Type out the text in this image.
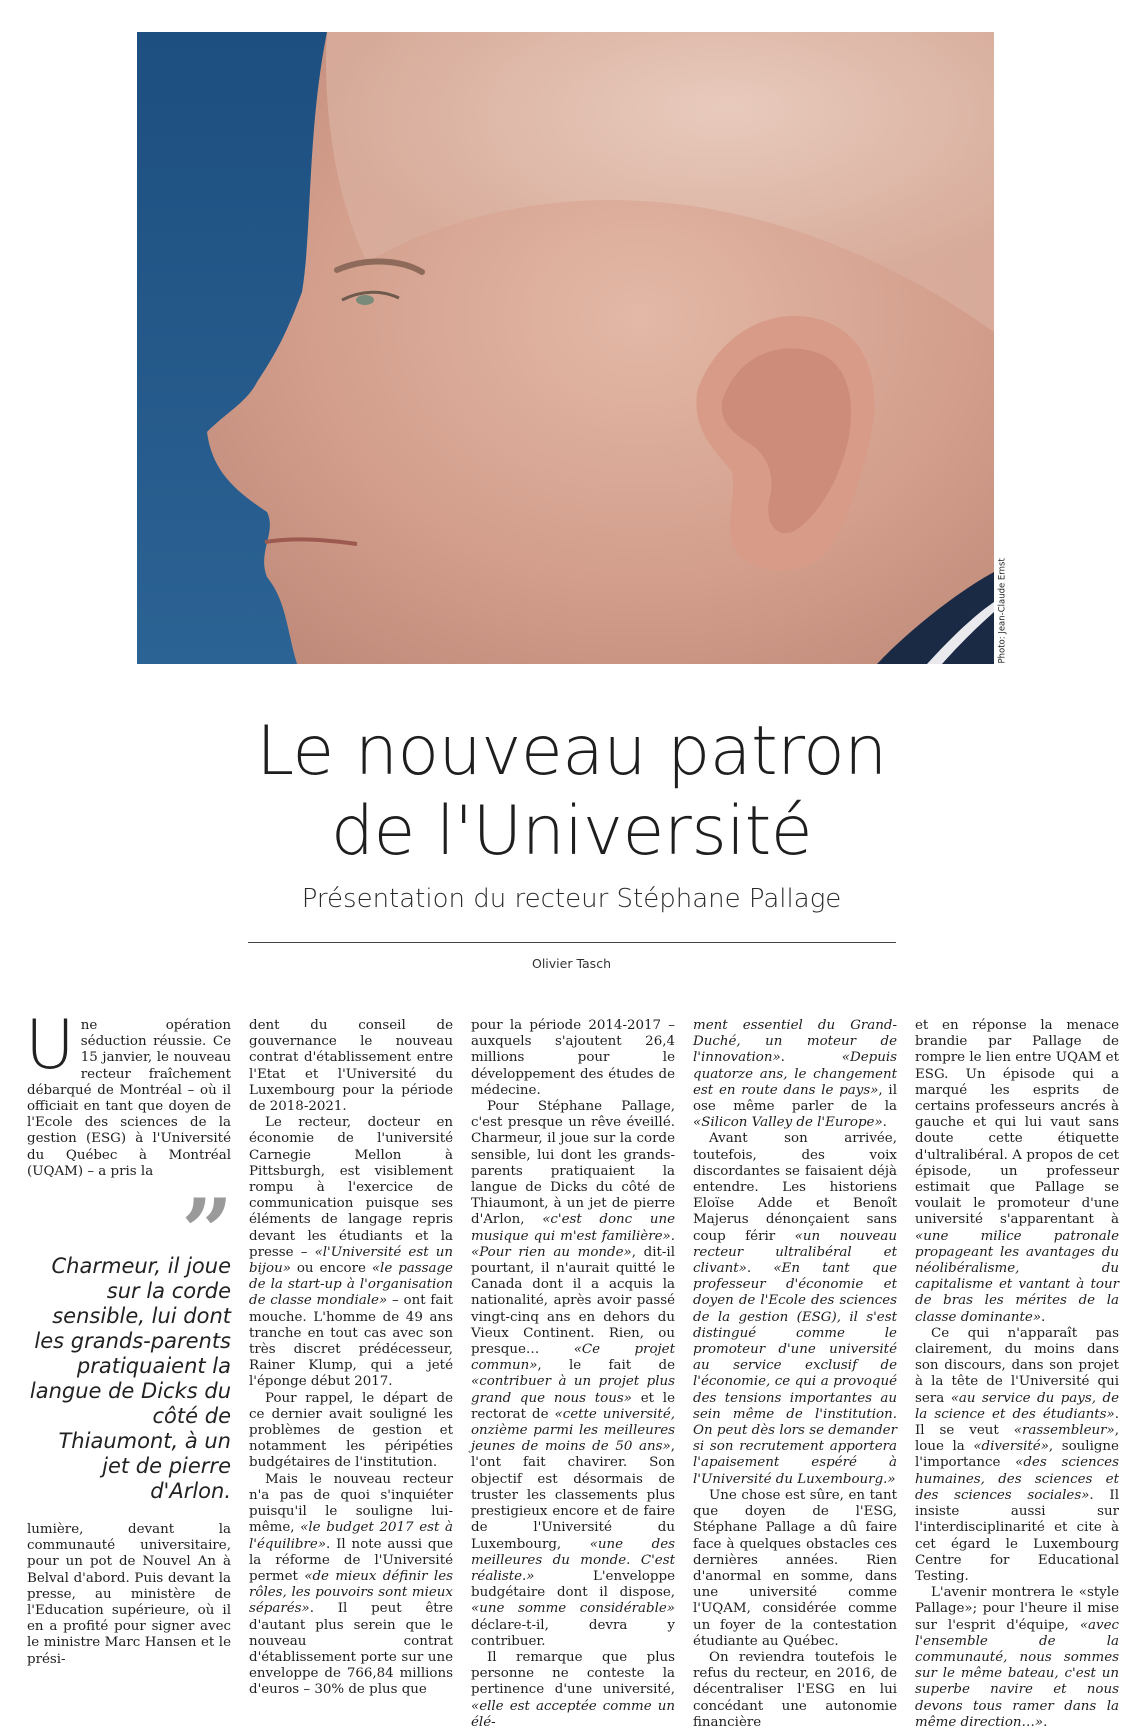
Photo: Jean-Claude Ernst
Le nouveau patron
de l'Université
Présentation du recteur Stéphane Pallage
Olivier Tasch

Une opération séduction réussie. Ce 15 janvier, le nouveau recteur fraîchement débarqué de Montréal – où il officiait en tant que doyen de l'Ecole des sciences de la gestion (ESG) à l'Université du Québec à Montréal (UQAM) – a pris la

”
Charmeur, il joue sur la corde sensible, lui dont les grands-parents pratiquaient la langue de Dicks du côté de Thiaumont, à un jet de pierre d'Arlon.

lumière, devant la communauté universitaire, pour un pot de Nouvel An à Belval d'abord. Puis devant la presse, au ministère de l'Education supérieure, où il en a profité pour signer avec le ministre Marc Hansen et le prési-

dent du conseil de gouvernance le nouveau contrat d'établissement entre l'Etat et l'Université du Luxembourg pour la période de 2018-2021.

Le recteur, docteur en économie de l'université Carnegie Mellon à Pittsburgh, est visiblement rompu à l'exercice de communication puisque ses éléments de langage repris devant les étudiants et la presse – «l'Université est un bijou» ou encore «le passage de la start-up à l'organisation de classe mondiale» – ont fait mouche. L'homme de 49 ans tranche en tout cas avec son très discret prédécesseur, Rainer Klump, qui a jeté l'éponge début 2017.

Pour rappel, le départ de ce dernier avait souligné les problèmes de gestion et notamment les péripéties budgétaires de l'institution.

Mais le nouveau recteur n'a pas de quoi s'inquiéter puisqu'il le souligne lui-même, «le budget 2017 est à l'équilibre». Il note aussi que la réforme de l'Université permet «de mieux définir les rôles, les pouvoirs sont mieux séparés». Il peut être d'autant plus serein que le nouveau contrat d'établissement porte sur une enveloppe de 766,84 millions d'euros – 30% de plus que

pour la période 2014-2017 – auxquels s'ajoutent 26,4 millions pour le développement des études de médecine.

Pour Stéphane Pallage, c'est presque un rêve éveillé. Charmeur, il joue sur la corde sensible, lui dont les grands-parents pratiquaient la langue de Dicks du côté de Thiaumont, à un jet de pierre d'Arlon, «c'est donc une musique qui m'est familière». «Pour rien au monde», dit-il pourtant, il n'aurait quitté le Canada dont il a acquis la nationalité, après avoir passé vingt-cinq ans en dehors du Vieux Continent. Rien, ou presque… «Ce projet commun», le fait de «contribuer à un projet plus grand que nous tous» et le rectorat de «cette université, onzième parmi les meilleures jeunes de moins de 50 ans», l'ont fait chavirer. Son objectif est désormais de truster les classements plus prestigieux encore et de faire de l'Université du Luxembourg, «une des meilleures du monde. C'est réaliste.» L'enveloppe budgétaire dont il dispose, «une somme considérable» déclare-t-il, devra y contribuer.

Il remarque que plus personne ne conteste la pertinence d'une université, «elle est acceptée comme un élé-

ment essentiel du Grand-Duché, un moteur de l'innovation». «Depuis quatorze ans, le changement est en route dans le pays», il ose même parler de la «Silicon Valley de l'Europe».

Avant son arrivée, toutefois, des voix discordantes se faisaient déjà entendre. Les historiens Eloïse Adde et Benoît Majerus dénonçaient sans coup férir «un nouveau recteur ultralibéral et clivant». «En tant que professeur d'économie et doyen de l'Ecole des sciences de la gestion (ESG), il s'est distingué comme le promoteur d'une université au service exclusif de l'économie, ce qui a provoqué des tensions importantes au sein même de l'institution. On peut dès lors se demander si son recrutement apportera l'apaisement espéré à l'Université du Luxembourg.»

Une chose est sûre, en tant que doyen de l'ESG, Stéphane Pallage a dû faire face à quelques obstacles ces dernières années. Rien d'anormal en somme, dans une université comme l'UQAM, considérée comme un foyer de la contestation étudiante au Québec.

On reviendra toutefois le refus du recteur, en 2016, de décentraliser l'ESG en lui concédant une autonomie financière

et en réponse la menace brandie par Pallage de rompre le lien entre UQAM et ESG. Un épisode qui a marqué les esprits de certains professeurs ancrés à gauche et qui lui vaut sans doute cette étiquette d'ultralibéral. A propos de cet épisode, un professeur estimait que Pallage se voulait le promoteur d'une université s'apparentant à «une milice patronale propageant les avantages du néolibéralisme, du capitalisme et vantant à tour de bras les mérites de la classe dominante».

Ce qui n'apparaît pas clairement, du moins dans son discours, dans son projet à la tête de l'Université qui sera «au service du pays, de la science et des étudiants». Il se veut «rassembleur», loue la «diversité», souligne l'importance «des sciences humaines, des sciences et des sciences sociales». Il insiste aussi sur l'interdisciplinarité et cite à cet égard le Luxembourg Centre for Educational Testing.

L'avenir montrera le «style Pallage»; pour l'heure il mise sur l'esprit d'équipe, «avec l'ensemble de la communauté, nous sommes sur le même bateau, c'est un superbe navire et nous devons tous ramer dans la même direction…».
